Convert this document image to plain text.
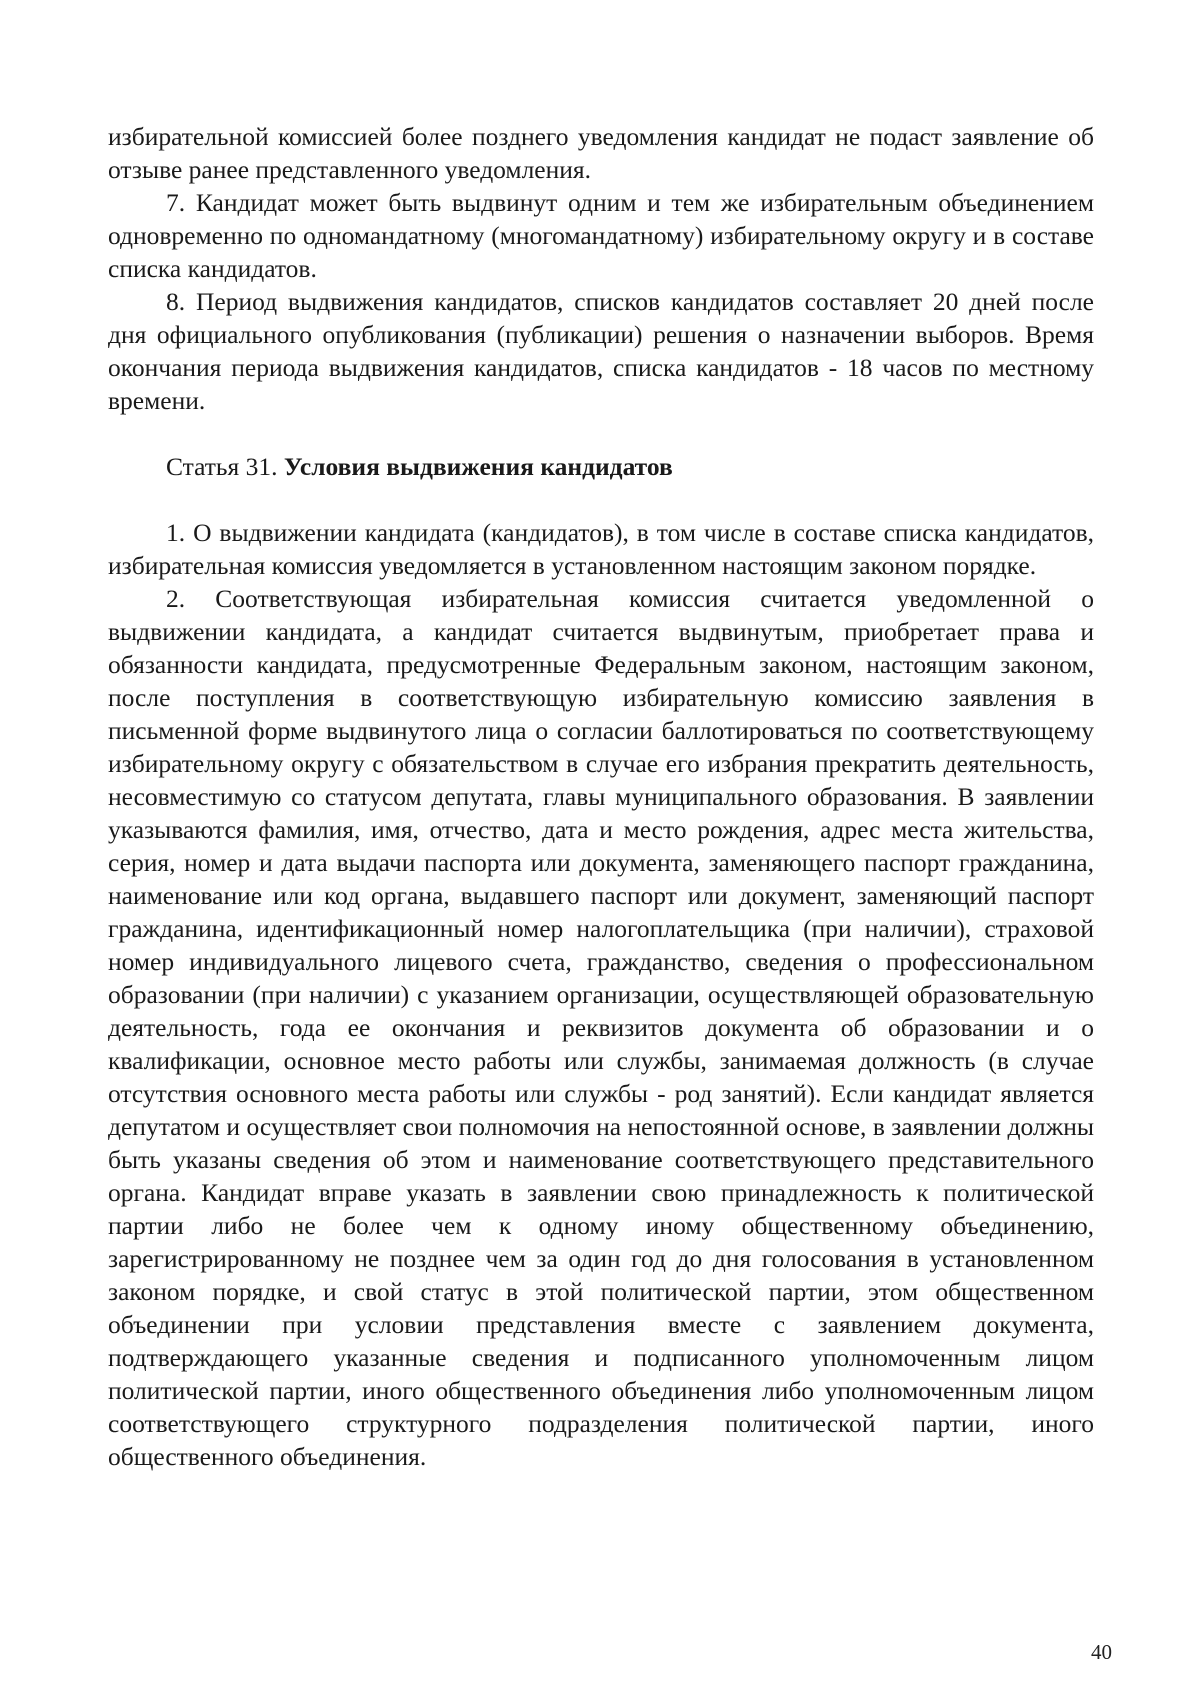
избирательной комиссией более позднего уведомления кандидат не подаст заявление об отзыве ранее представленного уведомления.

7. Кандидат может быть выдвинут одним и тем же избирательным объединением одновременно по одномандатному (многомандатному) избирательному округу и в составе списка кандидатов.

8. Период выдвижения кандидатов, списков кандидатов составляет 20 дней после дня официального опубликования (публикации) решения о назначении выборов. Время окончания периода выдвижения кандидатов, списка кандидатов - 18 часов по местному времени.

Статья 31. Условия выдвижения кандидатов

1. О выдвижении кандидата (кандидатов), в том числе в составе списка кандидатов, избирательная комиссия уведомляется в установленном настоящим законом порядке.

2. Соответствующая избирательная комиссия считается уведомленной о выдвижении кандидата, а кандидат считается выдвинутым, приобретает права и обязанности кандидата, предусмотренные Федеральным законом, настоящим законом, после поступления в соответствующую избирательную комиссию заявления в письменной форме выдвинутого лица о согласии баллотироваться по соответствующему избирательному округу с обязательством в случае его избрания прекратить деятельность, несовместимую со статусом депутата, главы муниципального образования. В заявлении указываются фамилия, имя, отчество, дата и место рождения, адрес места жительства, серия, номер и дата выдачи паспорта или документа, заменяющего паспорт гражданина, наименование или код органа, выдавшего паспорт или документ, заменяющий паспорт гражданина, идентификационный номер налогоплательщика (при наличии), страховой номер индивидуального лицевого счета, гражданство, сведения о профессиональном образовании (при наличии) с указанием организации, осуществляющей образовательную деятельность, года ее окончания и реквизитов документа об образовании и о квалификации, основное место работы или службы, занимаемая должность (в случае отсутствия основного места работы или службы - род занятий). Если кандидат является депутатом и осуществляет свои полномочия на непостоянной основе, в заявлении должны быть указаны сведения об этом и наименование соответствующего представительного органа. Кандидат вправе указать в заявлении свою принадлежность к политической партии либо не более чем к одному иному общественному объединению, зарегистрированному не позднее чем за один год до дня голосования в установленном законом порядке, и свой статус в этой политической партии, этом общественном объединении при условии представления вместе с заявлением документа, подтверждающего указанные сведения и подписанного уполномоченным лицом политической партии, иного общественного объединения либо уполномоченным лицом соответствующего структурного подразделения политической партии, иного общественного объединения.

40
